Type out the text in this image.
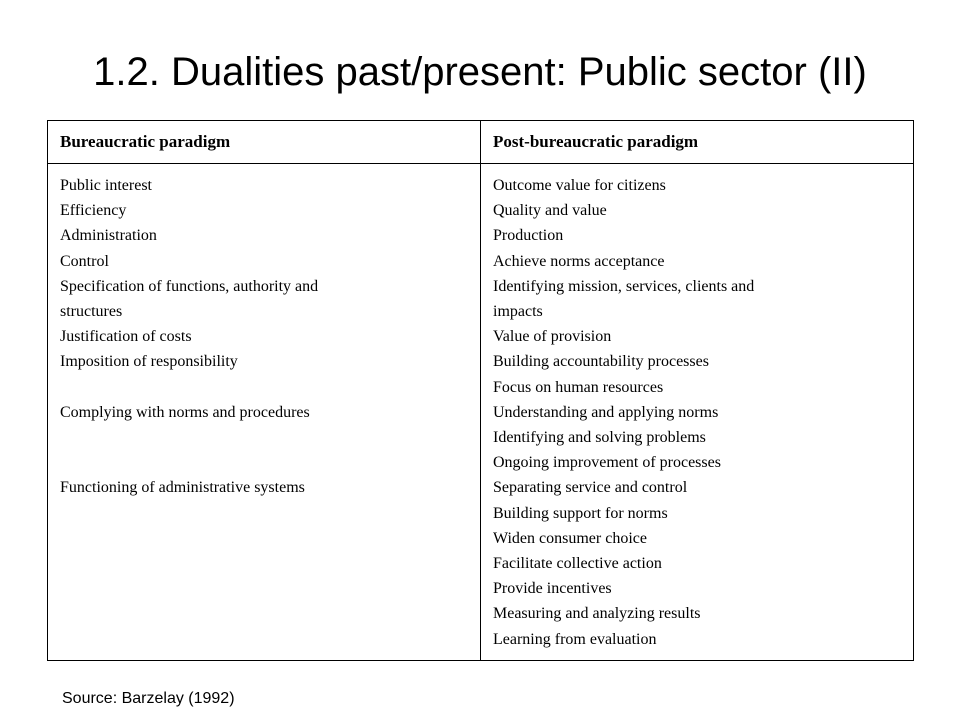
1.2. Dualities past/present: Public sector (II)
Bureaucratic paradigm	Post-bureaucratic paradigm
Public interest
Efficiency
Administration
Control
Specification of functions, authority and
structures
Justification of costs
Imposition of responsibility
Complying with norms and procedures
Functioning of administrative systems
Outcome value for citizens
Quality and value
Production
Achieve norms acceptance
Identifying mission, services, clients and
impacts
Value of provision
Building accountability processes
Focus on human resources
Understanding and applying norms
Identifying and solving problems
Ongoing improvement of processes
Separating service and control
Building support for norms
Widen consumer choice
Facilitate collective action
Provide incentives
Measuring and analyzing results
Learning from evaluation
Source: Barzelay (1992)
